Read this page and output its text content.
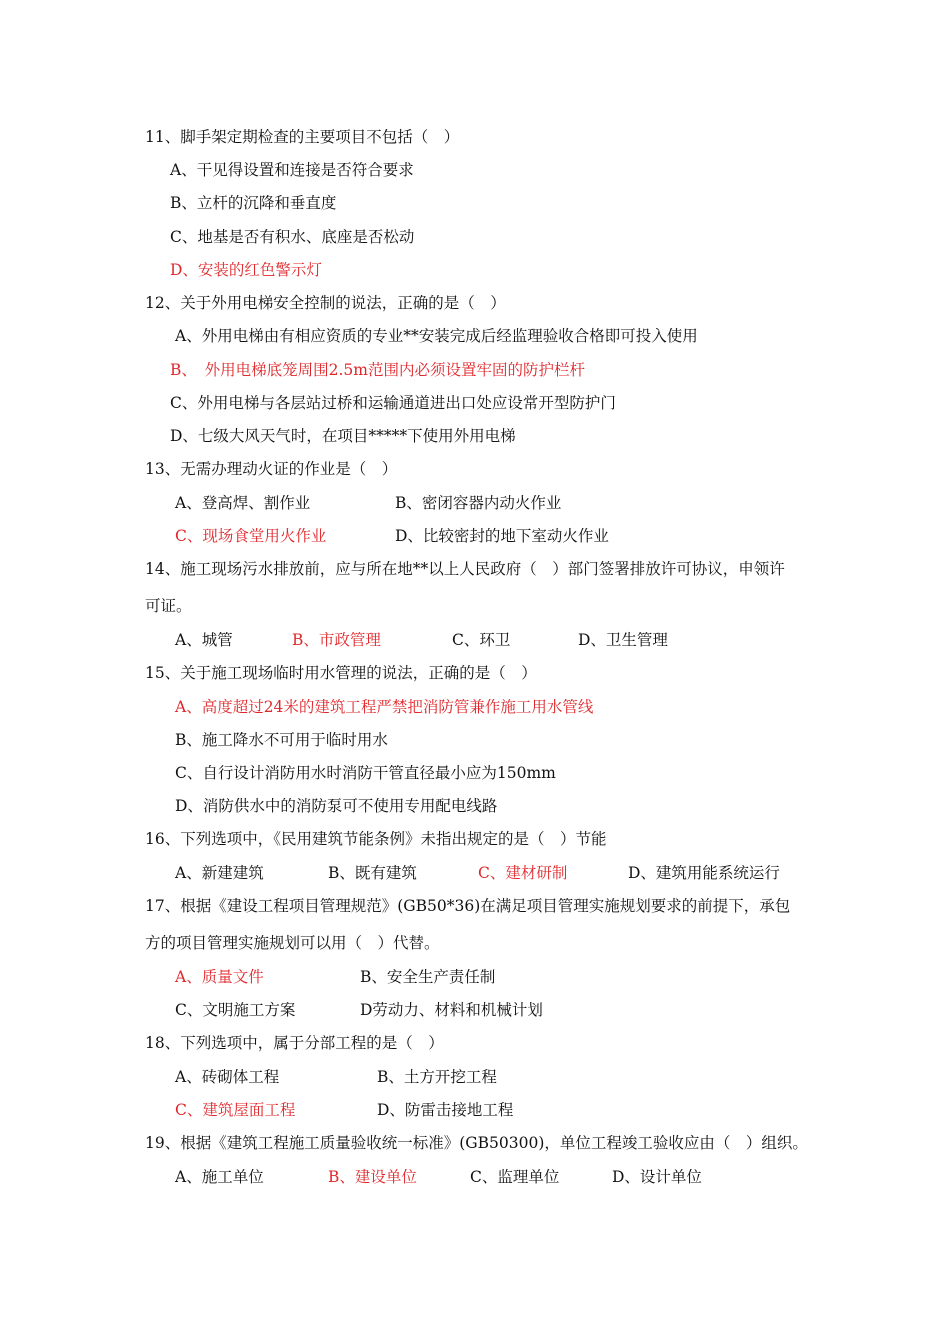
11、脚手架定期检查的主要项目不包括（　）
A、干见得设置和连接是否符合要求
B、立杆的沉降和垂直度
C、地基是否有积水、底座是否松动
D、安装的红色警示灯
12、关于外用电梯安全控制的说法，正确的是（　）
A、外用电梯由有相应资质的专业**安装完成后经监理验收合格即可投入使用
B、　外用电梯底笼周围2.5m范围内必须设置牢固的防护栏杆
C、外用电梯与各层站过桥和运输通道进出口处应设常开型防护门
D、七级大风天气时，在项目*****下使用外用电梯
13、无需办理动火证的作业是（　）
A、登高焊、割作业	B、密闭容器内动火作业
C、现场食堂用火作业	D、比较密封的地下室动火作业
14、施工现场污水排放前，应与所在地**以上人民政府（　）部门签署排放许可协议，申领许
可证。
A、城管	B、市政管理	C、环卫	D、卫生管理
15、关于施工现场临时用水管理的说法，正确的是（　）
A、高度超过24米的建筑工程严禁把消防管兼作施工用水管线
B、施工降水不可用于临时用水
C、自行设计消防用水时消防干管直径最小应为150mm
D、消防供水中的消防泵可不使用专用配电线路
16、下列选项中，《民用建筑节能条例》未指出规定的是（　）节能
A、新建建筑	B、既有建筑	C、建材研制	D、建筑用能系统运行
17、根据《建设工程项目管理规范》(GB50*36)在满足项目管理实施规划要求的前提下，承包
方的项目管理实施规划可以用（　）代替。
A、质量文件	B、安全生产责任制
C、文明施工方案	D劳动力、材料和机械计划
18、下列选项中，属于分部工程的是（　）
A、砖砌体工程	B、土方开挖工程
C、建筑屋面工程	D、防雷击接地工程
19、根据《建筑工程施工质量验收统一标准》(GB50300)，单位工程竣工验收应由（　）组织。
A、施工单位	B、建设单位	C、监理单位	D、设计单位
